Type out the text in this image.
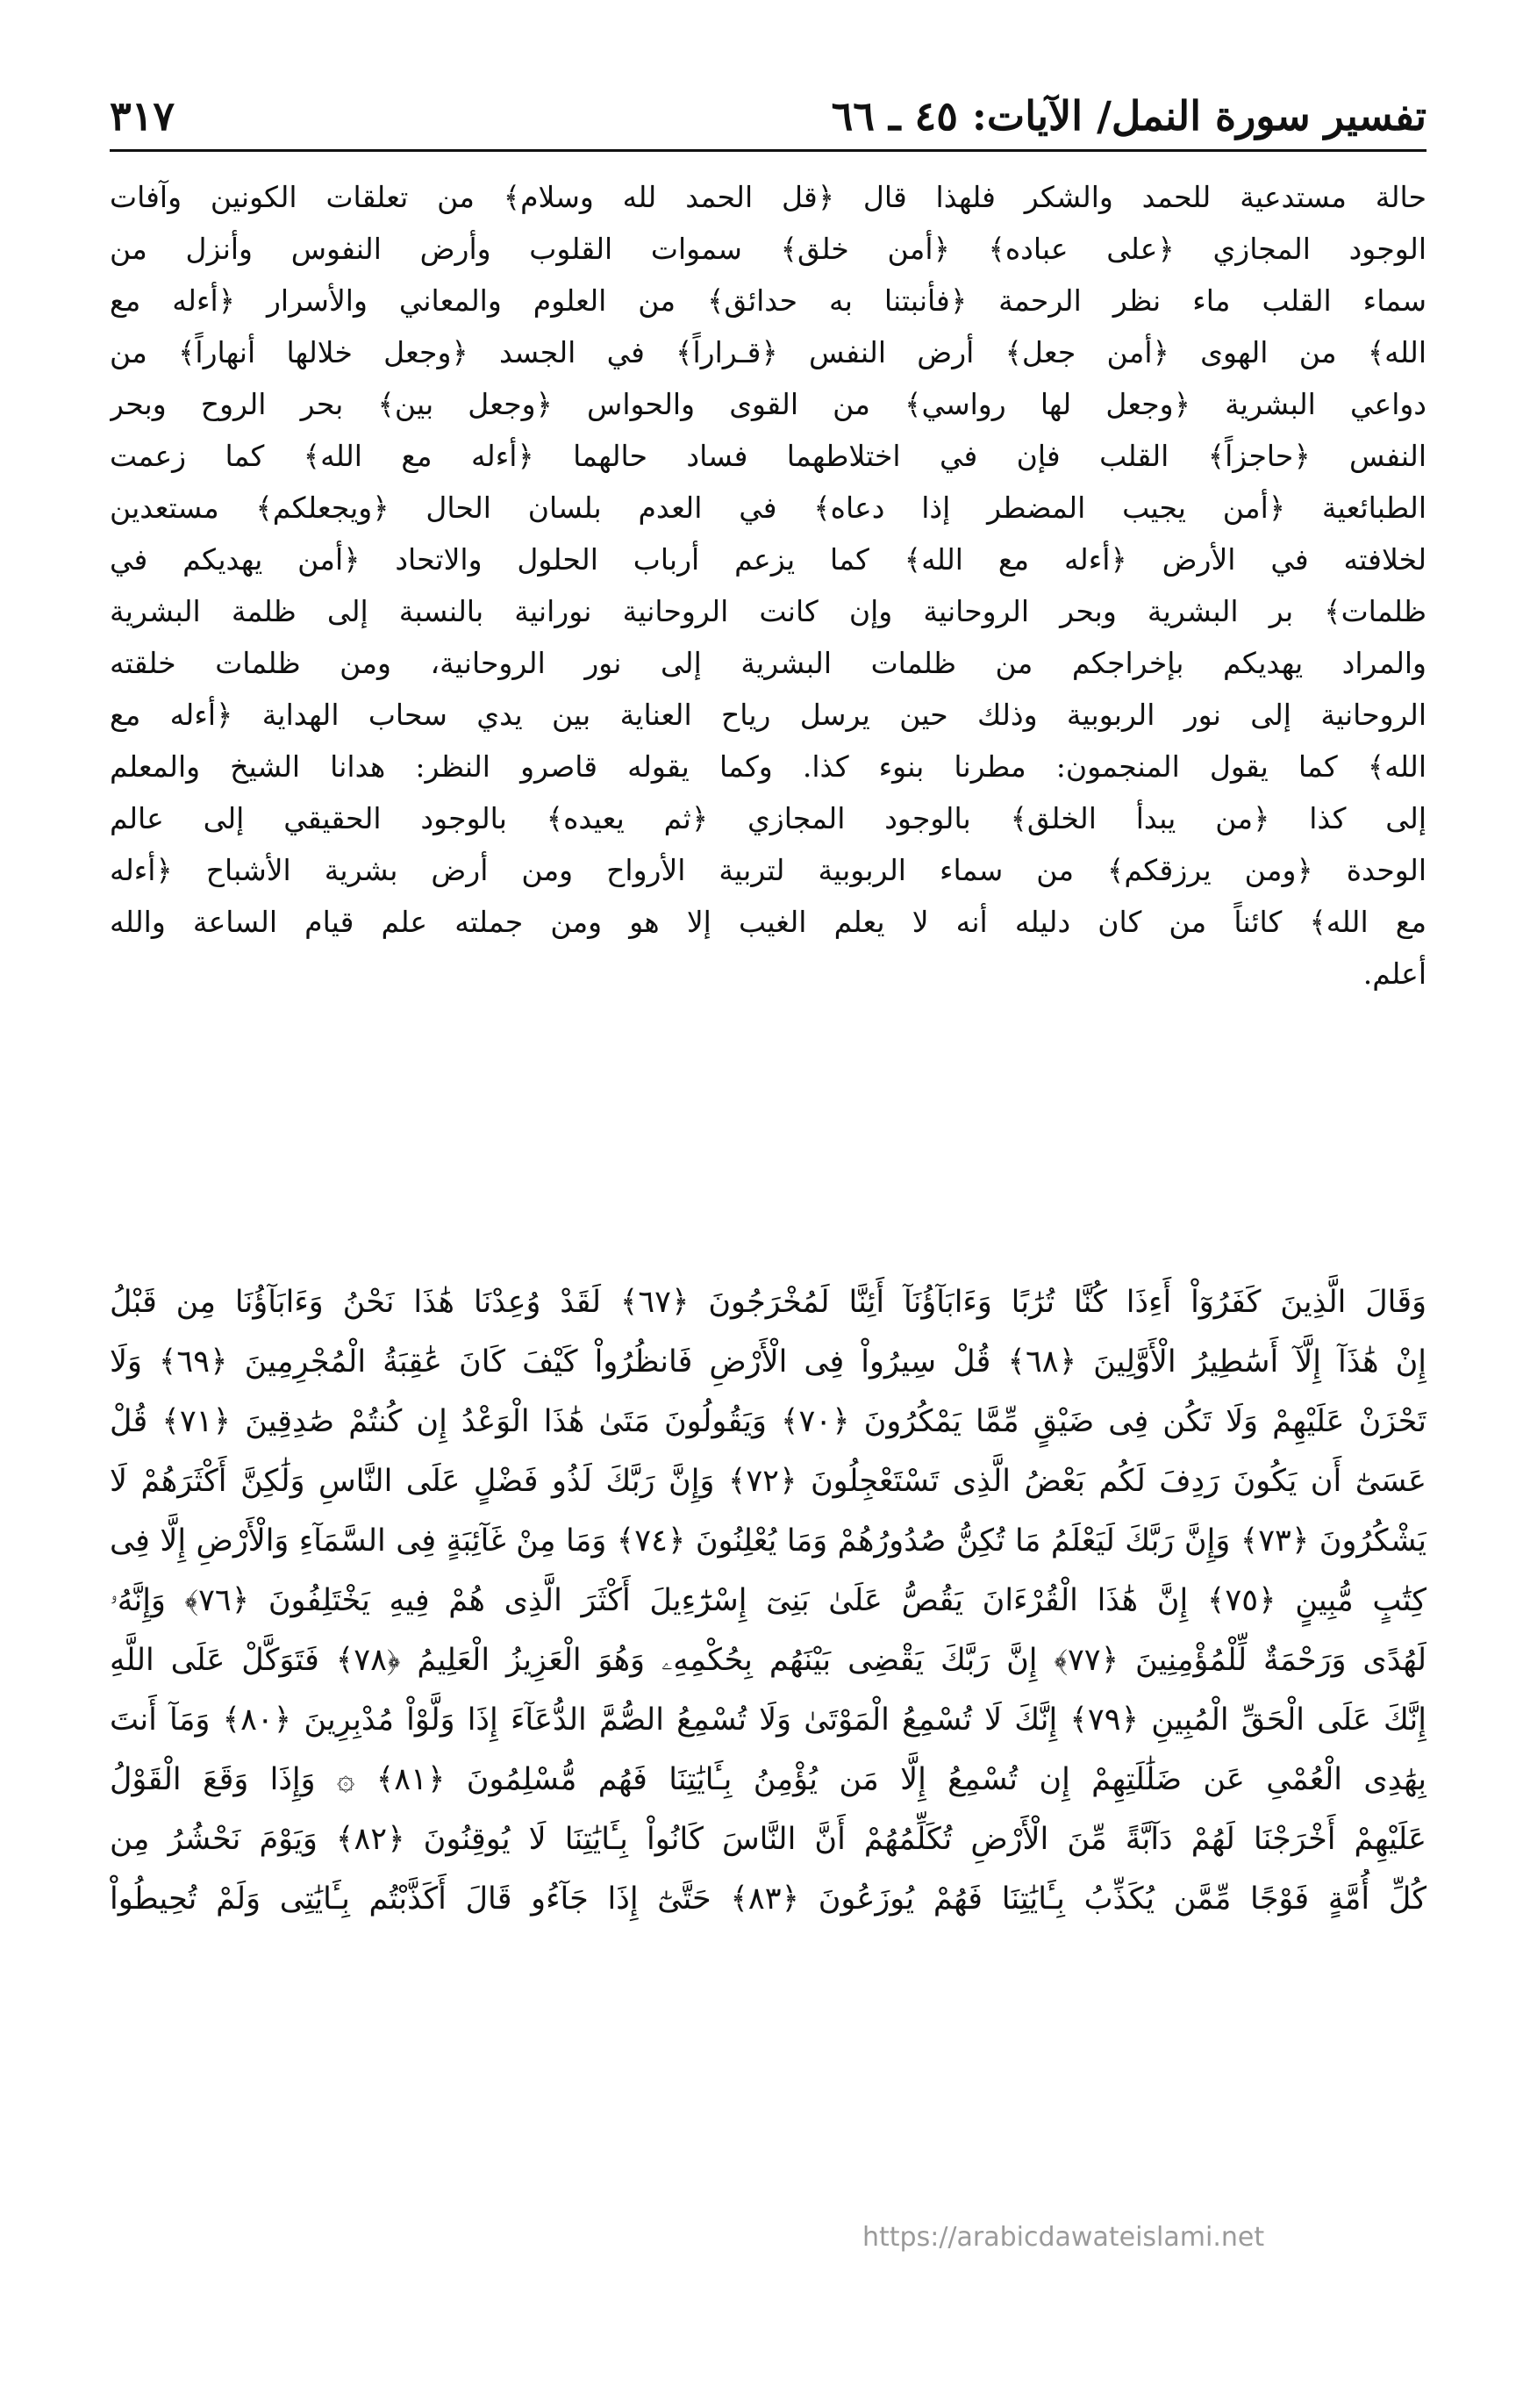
تفسير سورة النمل/ الآيات: ٤٥ ـ ٦٦
٣١٧
حالة مستدعية للحمد والشكر فلهذا قال ﴿قل الحمد لله وسلام﴾ من تعلقات الكونين وآفات
الوجود المجازي ﴿على عباده﴾ ﴿أمن خلق﴾ سموات القلوب وأرض النفوس وأنزل من
سماء القلب ماء نظر الرحمة ﴿فأنبتنا به حدائق﴾ من العلوم والمعاني والأسرار ﴿أءله مع
الله﴾ من الهوى ﴿أمن جعل﴾ أرض النفس ﴿قـراراً﴾ في الجسد ﴿وجعل خلالها أنهاراً﴾ من
دواعي البشرية ﴿وجعل لها رواسي﴾ من القوى والحواس ﴿وجعل بين﴾ بحر الروح وبحر
النفس ﴿حاجزاً﴾ القلب فإن في اختلاطهما فساد حالهما ﴿أءله مع الله﴾ كما زعمت
الطبائعية ﴿أمن يجيب المضطر إذا دعاه﴾ في العدم بلسان الحال ﴿ويجعلكم﴾ مستعدين
لخلافته في الأرض ﴿أءله مع الله﴾ كما يزعم أرباب الحلول والاتحاد ﴿أمن يهديكم في
ظلمات﴾ بر البشرية وبحر الروحانية وإن كانت الروحانية نورانية بالنسبة إلى ظلمة البشرية
والمراد يهديكم بإخراجكم من ظلمات البشرية إلى نور الروحانية، ومن ظلمات خلقته
الروحانية إلى نور الربوبية وذلك حين يرسل رياح العناية بين يدي سحاب الهداية ﴿أءله مع
الله﴾ كما يقول المنجمون: مطرنا بنوء كذا. وكما يقوله قاصرو النظر: هدانا الشيخ والمعلم
إلى كذا ﴿من يبدأ الخلق﴾ بالوجود المجازي ﴿ثم يعيده﴾ بالوجود الحقيقي إلى عالم
الوحدة ﴿ومن يرزقكم﴾ من سماء الربوبية لتربية الأرواح ومن أرض بشرية الأشباح ﴿أءله
مع الله﴾ كائناً من كان دليله أنه لا يعلم الغيب إلا هو ومن جملته علم قيام الساعة والله
أعلم.
وَقَالَ الَّذِينَ كَفَرُوٓاْ أَءِذَا كُنَّا تُرَٰبًا وَءَابَآؤُنَآ أَئِنَّا لَمُخْرَجُونَ ﴿٦٧﴾ لَقَدْ وُعِدْنَا هَٰذَا نَحْنُ وَءَابَآؤُنَا مِن قَبْلُ
إِنْ هَٰذَآ إِلَّآ أَسَٰطِيرُ الْأَوَّلِينَ ﴿٦٨﴾ قُلْ سِيرُواْ فِى الْأَرْضِ فَانظُرُواْ كَيْفَ كَانَ عَٰقِبَةُ الْمُجْرِمِينَ ﴿٦٩﴾ وَلَا
تَحْزَنْ عَلَيْهِمْ وَلَا تَكُن فِى ضَيْقٍ مِّمَّا يَمْكُرُونَ ﴿٧٠﴾ وَيَقُولُونَ مَتَىٰ هَٰذَا الْوَعْدُ إِن كُنتُمْ صَٰدِقِينَ ﴿٧١﴾ قُلْ
عَسَىٰٓ أَن يَكُونَ رَدِفَ لَكُم بَعْضُ الَّذِى تَسْتَعْجِلُونَ ﴿٧٢﴾ وَإِنَّ رَبَّكَ لَذُو فَضْلٍ عَلَى النَّاسِ وَلَٰكِنَّ أَكْثَرَهُمْ لَا
يَشْكُرُونَ ﴿٧٣﴾ وَإِنَّ رَبَّكَ لَيَعْلَمُ مَا تُكِنُّ صُدُورُهُمْ وَمَا يُعْلِنُونَ ﴿٧٤﴾ وَمَا مِنْ غَآئِبَةٍ فِى السَّمَآءِ وَالْأَرْضِ إِلَّا فِى
كِتَٰبٍ مُّبِينٍ ﴿٧٥﴾ إِنَّ هَٰذَا الْقُرْءَانَ يَقُصُّ عَلَىٰ بَنِىٓ إِسْرَٰٓءِيلَ أَكْثَرَ الَّذِى هُمْ فِيهِ يَخْتَلِفُونَ ﴿٧٦﴾ وَإِنَّهُۥ
لَهُدًى وَرَحْمَةٌ لِّلْمُؤْمِنِينَ ﴿٧٧﴾ إِنَّ رَبَّكَ يَقْضِى بَيْنَهُم بِحُكْمِهِۦ وَهُوَ الْعَزِيزُ الْعَلِيمُ ﴿٧٨﴾ فَتَوَكَّلْ عَلَى اللَّهِ
إِنَّكَ عَلَى الْحَقِّ الْمُبِينِ ﴿٧٩﴾ إِنَّكَ لَا تُسْمِعُ الْمَوْتَىٰ وَلَا تُسْمِعُ الصُّمَّ الدُّعَآءَ إِذَا وَلَّوْاْ مُدْبِرِينَ ﴿٨٠﴾ وَمَآ أَنتَ
بِهَٰدِى الْعُمْىِ عَن ضَلَٰلَتِهِمْ إِن تُسْمِعُ إِلَّا مَن يُؤْمِنُ بِـَٔايَٰتِنَا فَهُم مُّسْلِمُونَ ﴿٨١﴾ ۞ وَإِذَا وَقَعَ الْقَوْلُ
عَلَيْهِمْ أَخْرَجْنَا لَهُمْ دَآبَّةً مِّنَ الْأَرْضِ تُكَلِّمُهُمْ أَنَّ النَّاسَ كَانُواْ بِـَٔايَٰتِنَا لَا يُوقِنُونَ ﴿٨٢﴾ وَيَوْمَ نَحْشُرُ مِن
كُلِّ أُمَّةٍ فَوْجًا مِّمَّن يُكَذِّبُ بِـَٔايَٰتِنَا فَهُمْ يُوزَعُونَ ﴿٨٣﴾ حَتَّىٰٓ إِذَا جَآءُو قَالَ أَكَذَّبْتُم بِـَٔايَٰتِى وَلَمْ تُحِيطُواْ
https://arabicdawateislami.net
